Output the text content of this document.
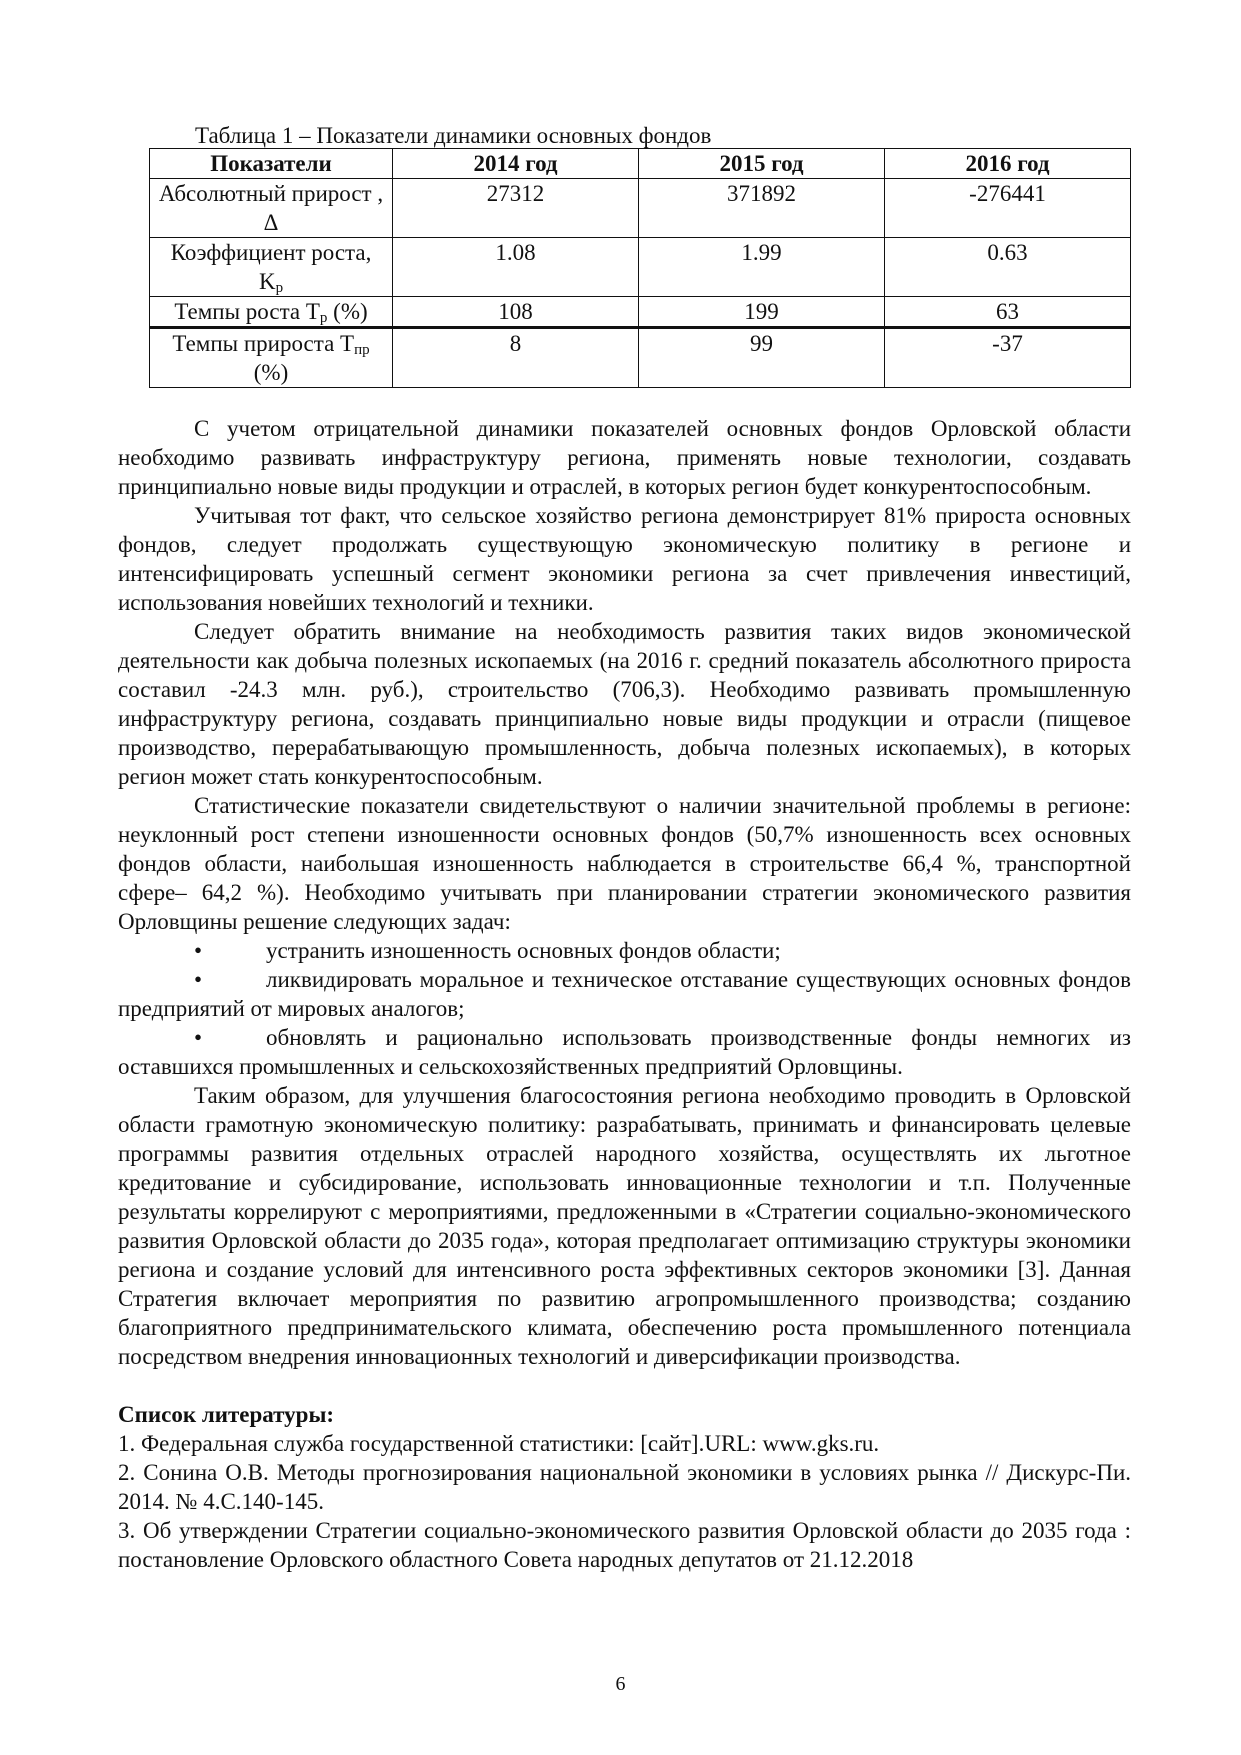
Таблица 1 – Показатели динамики основных фондов
Показатели	2014 год	2015 год	2016 год
Абсолютный прирост , Δ	27312	371892	-276441
Коэффициент роста, $K_р$	1.08	1.99	0.63
Темпы роста $Т_р$ (%)	108	199	63
Темпы прироста $Т_{пр}$ (%)	8	99	-37

С учетом отрицательной динамики показателей основных фондов Орловской области необходимо развивать инфраструктуру региона, применять новые технологии, создавать принципиально новые виды продукции и отраслей, в которых регион будет конкурентоспособным.

Учитывая тот факт, что сельское хозяйство региона демонстрирует 81% прироста основных фондов, следует продолжать существующую экономическую политику в регионе и интенсифицировать успешный сегмент экономики региона за счет привлечения инвестиций, использования новейших технологий и техники.

Следует обратить внимание на необходимость развития таких видов экономической деятельности как добыча полезных ископаемых (на 2016 г. средний показатель абсолютного прироста составил -24.3 млн. руб.), строительство (706,3). Необходимо развивать промышленную инфраструктуру региона, создавать принципиально новые виды продукции и отрасли (пищевое производство, перерабатывающую промышленность, добыча полезных ископаемых), в которых регион может стать конкурентоспособным.

Статистические показатели свидетельствуют о наличии значительной проблемы в регионе: неуклонный рост степени изношенности основных фондов (50,7% изношенность всех основных фондов области, наибольшая изношенность наблюдается в строительстве 66,4 %, транспортной сфере– 64,2 %). Необходимо учитывать при планировании стратегии экономического развития Орловщины решение следующих задач:

•	устранить изношенность основных фондов области;

•	ликвидировать моральное и техническое отставание существующих основных фондов предприятий от мировых аналогов;

•	обновлять и рационально использовать производственные фонды немногих из оставшихся промышленных и сельскохозяйственных предприятий Орловщины.

Таким образом, для улучшения благосостояния региона необходимо проводить в Орловской области грамотную экономическую политику: разрабатывать, принимать и финансировать целевые программы развития отдельных отраслей народного хозяйства, осуществлять их льготное кредитование и субсидирование, использовать инновационные технологии и т.п. Полученные результаты коррелируют с мероприятиями, предложенными в «Стратегии социально-экономического развития Орловской области до 2035 года», которая предполагает оптимизацию структуры экономики региона и создание условий для интенсивного роста эффективных секторов экономики [3]. Данная Стратегия включает мероприятия по развитию агропромышленного производства; созданию благоприятного предпринимательского климата, обеспечению роста промышленного потенциала посредством внедрения инновационных технологий и диверсификации производства.

Список литературы:

1. Федеральная служба государственной статистики: [сайт].URL: www.gks.ru.

2. Сонина О.В. Методы прогнозирования национальной экономики в условиях рынка // Дискурс-Пи. 2014. № 4.С.140-145.

3. Об утверждении Стратегии социально-экономического развития Орловской области до 2035 года : постановление Орловского областного Совета народных депутатов от 21.12.2018

6
